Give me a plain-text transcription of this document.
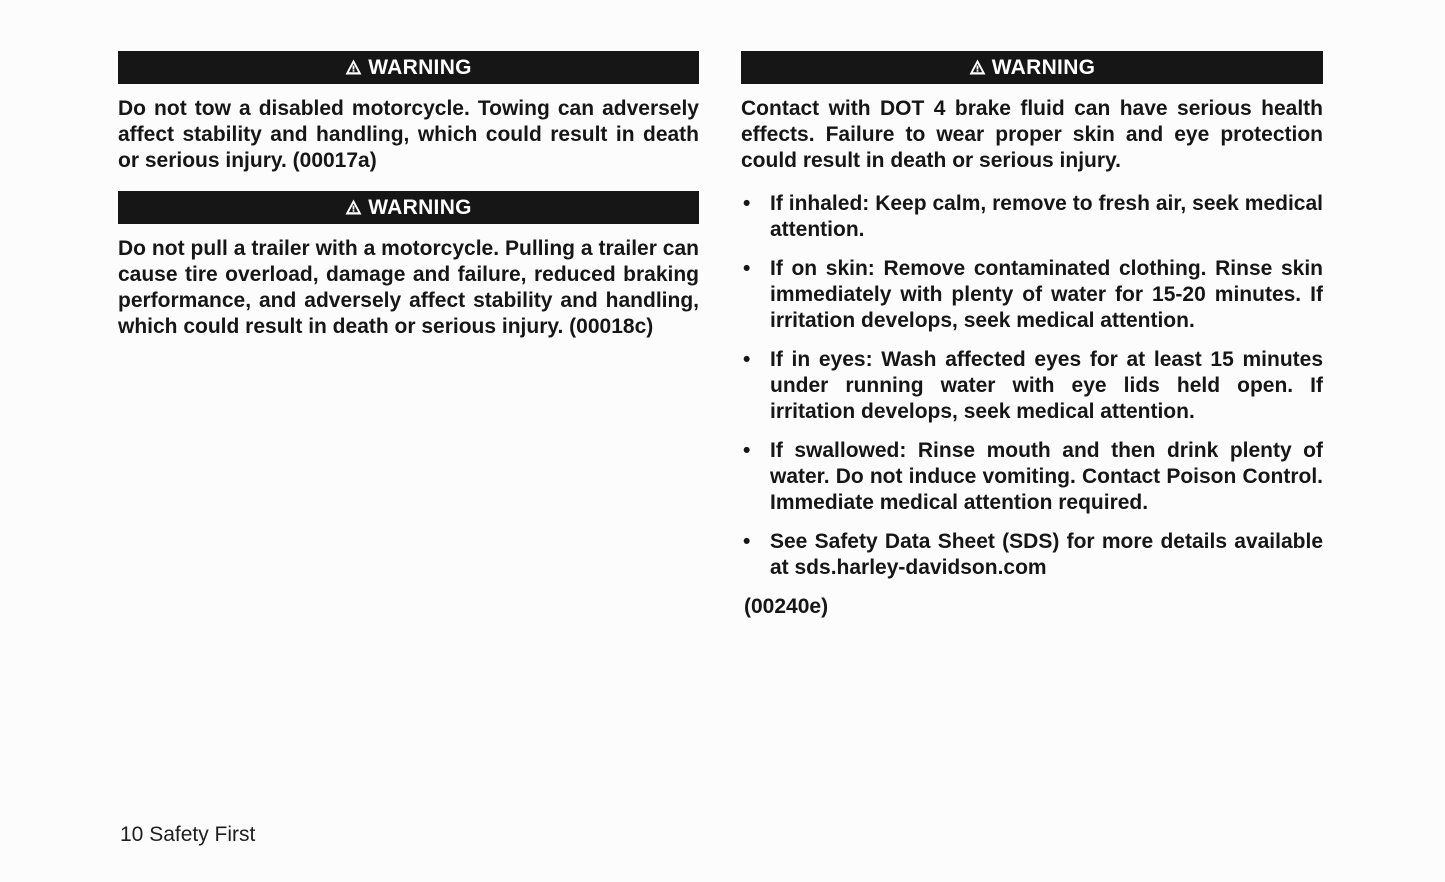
WARNING

Do not tow a disabled motorcycle. Towing can adversely affect stability and handling, which could result in death or serious injury. (00017a)

WARNING

Do not pull a trailer with a motorcycle. Pulling a trailer can cause tire overload, damage and failure, reduced braking performance, and adversely affect stability and handling, which could result in death or serious injury. (00018c)

WARNING

Contact with DOT 4 brake fluid can have serious health effects. Failure to wear proper skin and eye protection could result in death or serious injury.

• If inhaled: Keep calm, remove to fresh air, seek medical attention.
• If on skin: Remove contaminated clothing. Rinse skin immediately with plenty of water for 15-20 minutes. If irritation develops, seek medical attention.
• If in eyes: Wash affected eyes for at least 15 minutes under running water with eye lids held open. If irritation develops, seek medical attention.
• If swallowed: Rinse mouth and then drink plenty of water. Do not induce vomiting. Contact Poison Control. Immediate medical attention required.
• See Safety Data Sheet (SDS) for more details available at sds.harley-davidson.com

(00240e)

10 Safety First
